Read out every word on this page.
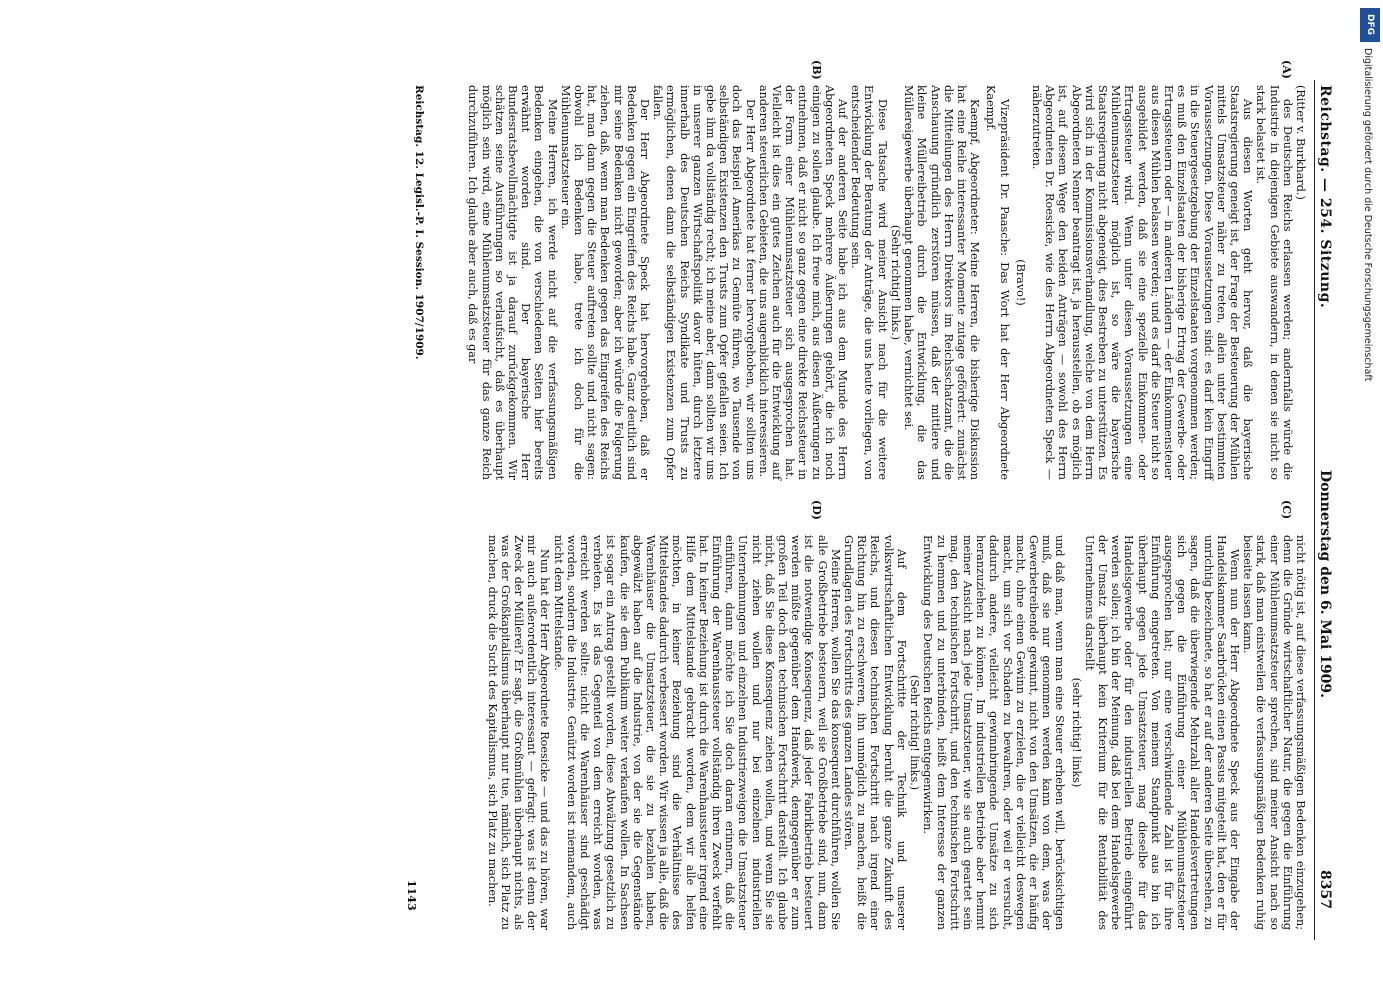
Reichstag. — 254. Sitzung.
Donnerstag den 6. Mai 1909.
8357
(A)
(B)
(C)
(D)

(Ritter v. Burkhard.)

des Deutschen Reichs erlassen werden; andernfalls würde die Industrie in diejenigen Gebiete auswandern, in denen sie nicht so stark belastet ist.

Aus diesen Worten geht hervor, daß die bayerische Staatsregierung geneigt ist, der Frage der Besteuerung der Mühlen mittels Umsatzsteuer näher zu treten, allein unter bestimmten Voraussetzungen. Diese Voraussetzungen sind: es darf kein Eingriff in die Steuergesetzgebung der Einzelstaaten vorgenommen werden; es muß den Einzelstaaten der bisherige Ertrag der Gewerbe- oder Ertragssteuern oder — in anderen Ländern — der Einkommensteuer aus diesen Mühlen belassen werden; und es darf die Steuer nicht so ausgebildet werden, daß sie eine spezielle Einkommen- oder Ertragssteuer wird. Wenn unter diesen Voraussetzungen eine Mühlenumsatzsteuer möglich ist, so wäre die bayerische Staatsregierung nicht abgeneigt, dies Bestreben zu unterstützen. Es wird sich in der Kommissionsverhandlung, welche von dem Herrn Abgeordneten Nenner beantragt ist, ja herausstellen, ob es möglich ist, auf diesem Wege den beiden Anträgen — sowohl des Herrn Abgeordneten Dr. Roesicke, wie des Herrn Abgeordneten Speck — näherzutreten.

(Bravo!)

Vizepräsident Dr. Paasche: Das Wort hat der Herr Abgeordnete Kaempf.

Kaempf, Abgeordneter: Meine Herren, die bisherige Diskussion hat eine Reihe interessanter Momente zutage gefördert: zunächst die Mitteilungen des Herrn Direktors im Reichsschatzamt, die die Anschauung gründlich zerstören müssen, daß der mittlere und kleine Müllereibetrieb durch die Entwicklung, die das Müllereigewerbe überhaupt genommen habe, vernichtet sei.

(Sehr richtig! links.)

Diese Tatsache wird meiner Ansicht nach für die weitere Entwicklung der Beratung der Anträge, die uns heute vorliegen, von entscheidender Bedeutung sein.

Auf der anderen Seite habe ich aus dem Munde des Herrn Abgeordneten Speck mehrere Äußerungen gehört, die ich noch einigen zu sollen glaube. Ich freue mich, aus diesen Äußerungen zu entnehmen, daß er nicht so ganz gegen eine direkte Reichssteuer in der Form einer Mühlenumsatzsteuer sich ausgesprochen hat. Vielleicht ist dies ein gutes Zeichen auch für die Entwicklung auf anderen steuerlichen Gebieten, die uns augenblicklich interessieren.

Der Herr Abgeordnete hat ferner hervorgehoben, wir sollten uns doch das Beispiel Amerikas zu Gemüte führen, wo Tausende von selbständigen Existenzen den Trusts zum Opfer gefallen seien. Ich gebe ihm da vollständig recht; ich meine aber, dann sollten wir uns in unserer ganzen Wirtschaftspolitik davor hüten, durch letztere innerhalb des Deutschen Reichs Syndikate und Trusts zu ermöglichen, denen dann die selbständigen Existenzen zum Opfer fallen.

Der Herr Abgeordnete Speck hat hervorgehoben, daß er Bedenken gegen ein Eingreifen des Reichs habe. Ganz deutlich sind mir seine Bedenken nicht geworden; aber ich würde die Folgerung ziehen, daß, wenn man Bedenken gegen das Eingreifen des Reichs hat, man dann gegen die Steuer auftreten sollte und nicht sagen: obwohl ich Bedenken habe, trete ich doch für die Mühlenumsatzsteuer ein.

Meine Herren, ich werde nicht auf die verfassungsmäßigen Bedenken eingehen, die von verschiedenen Seiten hier bereits erwähnt worden sind. Der bayerische Herr Bundesratsbevollmächtigte ist ja darauf zurückgekommen. Wir schätzen seine Ausführungen so verlaufsicht, daß es überhaupt möglich sein wird, eine Mühlenumsatzsteuer für das ganze Reich durchzuführen. Ich glaube aber auch, daß es gar

nicht nötig ist, auf diese verfassungsmäßigen Bedenken einzugehen; denn die Gründe wirtschaftlicher Natur, die gegen die Einführung einer Mühlenumsatzsteuer sprechen, sind meiner Ansicht nach so stark, daß man einstweilen die verfassungsmäßigen Bedenken ruhig beiseite lassen kann.

Wenn nun der Herr Abgeordnete Speck aus der Eingabe der Handelskammer Saarbrücken einen Passus mitgeteilt hat, den er für unrichtig bezeichnete, so hat er auf der anderen Seite übersehen, zu sagen, daß die überwiegende Mehrzahl aller Handelsvertretungen sich gegen die Einführung einer Mühlenumsatzsteuer ausgesprochen hat; nur eine verschwindende Zahl ist für ihre Einführung eingetreten. Von meinem Standpunkt aus bin ich überhaupt gegen jede Umsatzsteuer, mag dieselbe für das Handelsgewerbe oder für den industriellen Betrieb eingeführt werden sollen; ich bin der Meinung, daß bei dem Handelsgewerbe der Umsatz überhaupt kein Kriterium für die Rentabilität des Unternehmens darstellt

(sehr richtig! links)

und daß man, wenn man eine Steuer erheben will, berücksichtigen muß, daß sie nur genommen werden kann von dem, was der Gewerbetreibende gewinnt, nicht von den Umsätzen, die er häufig macht, ohne einen Gewinn zu erzielen, die er vielleicht deswegen macht, um sich vor Schaden zu bewahren, oder weil er versucht, dadurch andere, vielleicht gewinnbringende Umsätze zu sich heranzuziehen zu können. Im industriellen Betriebe aber hemmt meiner Ansicht nach jede Umsatzsteuer, wie sie auch geartet sein mag, den technischen Fortschritt, und den technischen Fortschritt zu hemmen und zu unterbinden, heißt dem Interesse der ganzen Entwicklung des Deutschen Reichs entgegenwirken.

(Sehr richtig! links.)

Auf dem Fortschritte der Technik und unserer volkswirtschaftlichen Entwicklung beruht die ganze Zukunft des Reichs, und diesen technischen Fortschritt nach irgend einer Richtung hin zu erschweren, ihn unmöglich zu machen, heißt die Grundlagen des Fortschritts des ganzen Landes stören.

Meine Herren, wollen Sie das konsequent durchführen, wollen Sie alle Großbetriebe besteuern, weil sie Großbetriebe sind, nun, dann ist die notwendige Konsequenz, daß jeder Fabrikbetrieb besteuert werden müßte gegenüber dem Handwerk, demgegenüber er zum großen Teil doch den technischen Fortschritt darstellt. Ich glaube nicht, daß Sie diese Konsequenz ziehen wollen, und wenn Sie sie nicht ziehen wollen und nur bei einzelnen industriellen Unternehmungen und einzelnen Industriezweigen die Umsatzsteuer einführen, dann möchte ich Sie doch daran erinnern, daß die Einführung der Warenhaussteuer vollständig ihren Zweck verfehlt hat. In keiner Beziehung ist durch die Warenhaussteuer irgend eine Hilfe dem Mittelstande gebracht worden, dem wir alle helfen möchten, in keiner Beziehung sind die Verhältnisse des Mittelstandes dadurch verbessert worden. Wir wissen ja alle, daß die Warenhäuser die Umsatzsteuer, die sie zu bezahlen haben, abgewälzt haben auf die Industrie, von der sie die Gegenstände kaufen, die sie dem Publikum weiter verkaufen wollen. In Sachsen ist sogar ein Antrag gestellt worden, diese Abwälzung gesetzlich zu verbieten. Es ist das Gegenteil von dem erreicht worden, was erreicht werden sollte: nicht die Warenhäuser sind geschädigt worden, sondern die Industrie. Genützt worden ist niemandem, auch nicht dem Mittelstande.

Nun hat der Herr Abgeordnete Roesicke — und das zu hören, war mir auch außerordentlich interessant — gefragt: was ist denn der Zweck der Müllerei? Er sagt, die Großmühlen überhaupt nichts, als was der Großkapitalismus überhaupt nur tue, nämlich, sich Platz zu machen, druck die Sucht des Kapitalismus, sich Platz zu machen.

Reichstag. 12. Legisl.-P. I. Session. 1907/1909.
1143
DFG
Digitalisierung gefördert durch die Deutsche Forschungsgemeinschaft
